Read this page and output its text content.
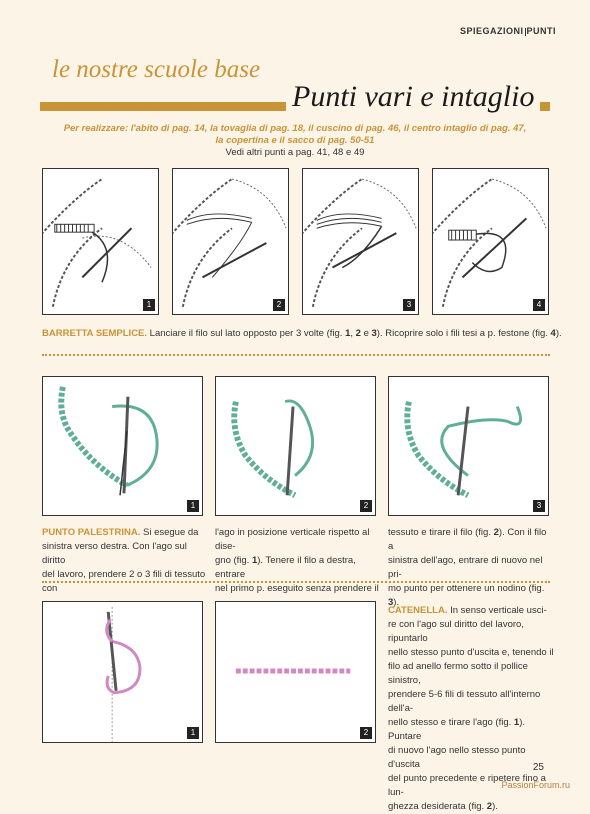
SPIEGAZIONI PUNTI
le nostre scuole base
Punti vari e intaglio
Per realizzare: l'abito di pag. 14, la tovaglia di pag. 18, il cuscino di pag. 46, il centro intaglio di pag. 47,
la copertina e il sacco di pag. 50-51
Vedi altri punti a pag. 41, 48 e 49
1	2	3	4
BARRETTA SEMPLICE. Lanciare il filo sul lato opposto per 3 volte (fig. 1, 2 e 3). Ricoprire solo i fili tesi a p. festone (fig. 4).
1	2	3
PUNTO PALESTRINA. Si esegue da
sinistra verso destra. Con l'ago sul diritto
del lavoro, prendere 2 o 3 fili di tessuto con
l'ago in posizione verticale rispetto al dise-
gno (fig. 1). Tenere il filo a destra, entrare
nel primo p. eseguito senza prendere il
tessuto e tirare il filo (fig. 2). Con il filo a
sinistra dell'ago, entrare di nuovo nel pri-
mo punto per ottenere un nodino (fig. 3).
1	2
CATENELLA. In senso verticale usci-
re con l'ago sul diritto del lavoro, ripuntarlo
nello stesso punto d'uscita e, tenendo il
filo ad anello fermo sotto il pollice sinistro,
prendere 5-6 fili di tessuto all'interno dell'a-
nello stesso e tirare l'ago (fig. 1). Puntare
di nuovo l'ago nello stesso punto d'uscita
del punto precedente e ripetere fino a lun-
ghezza desiderata (fig. 2).
25
PassionForum.ru
